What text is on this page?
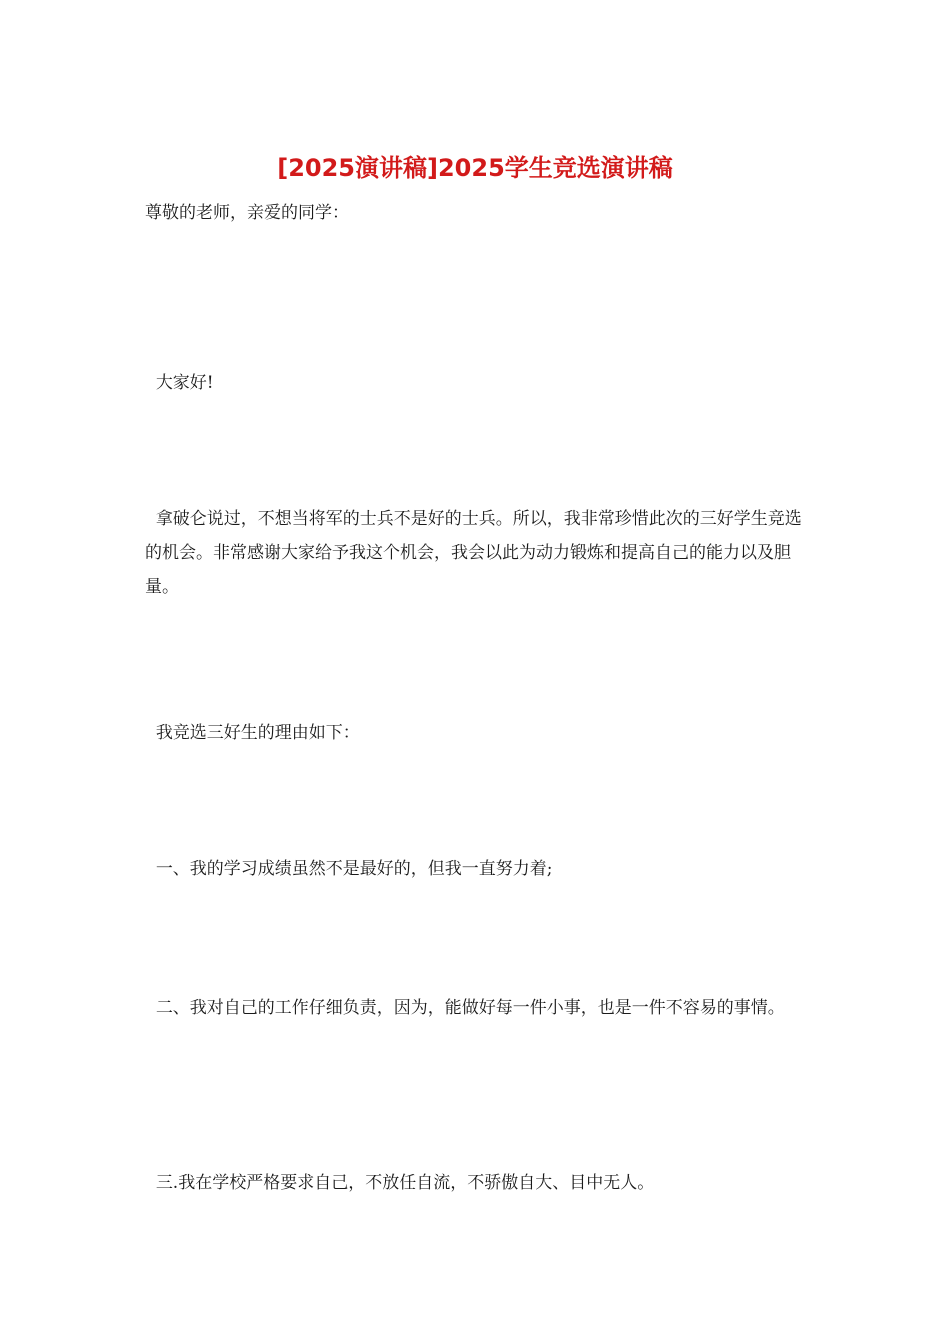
[2025演讲稿]2025学生竞选演讲稿

尊敬的老师，亲爱的同学：

大家好!

拿破仑说过，不想当将军的士兵不是好的士兵。所以，我非常珍惜此次的三好学生竞选的机会。非常感谢大家给予我这个机会，我会以此为动力锻炼和提高自己的能力以及胆量。

我竞选三好生的理由如下：

一、我的学习成绩虽然不是最好的，但我一直努力着;

二、我对自己的工作仔细负责，因为，能做好每一件小事，也是一件不容易的事情。

三.我在学校严格要求自己，不放任自流，不骄傲自大、目中无人。
